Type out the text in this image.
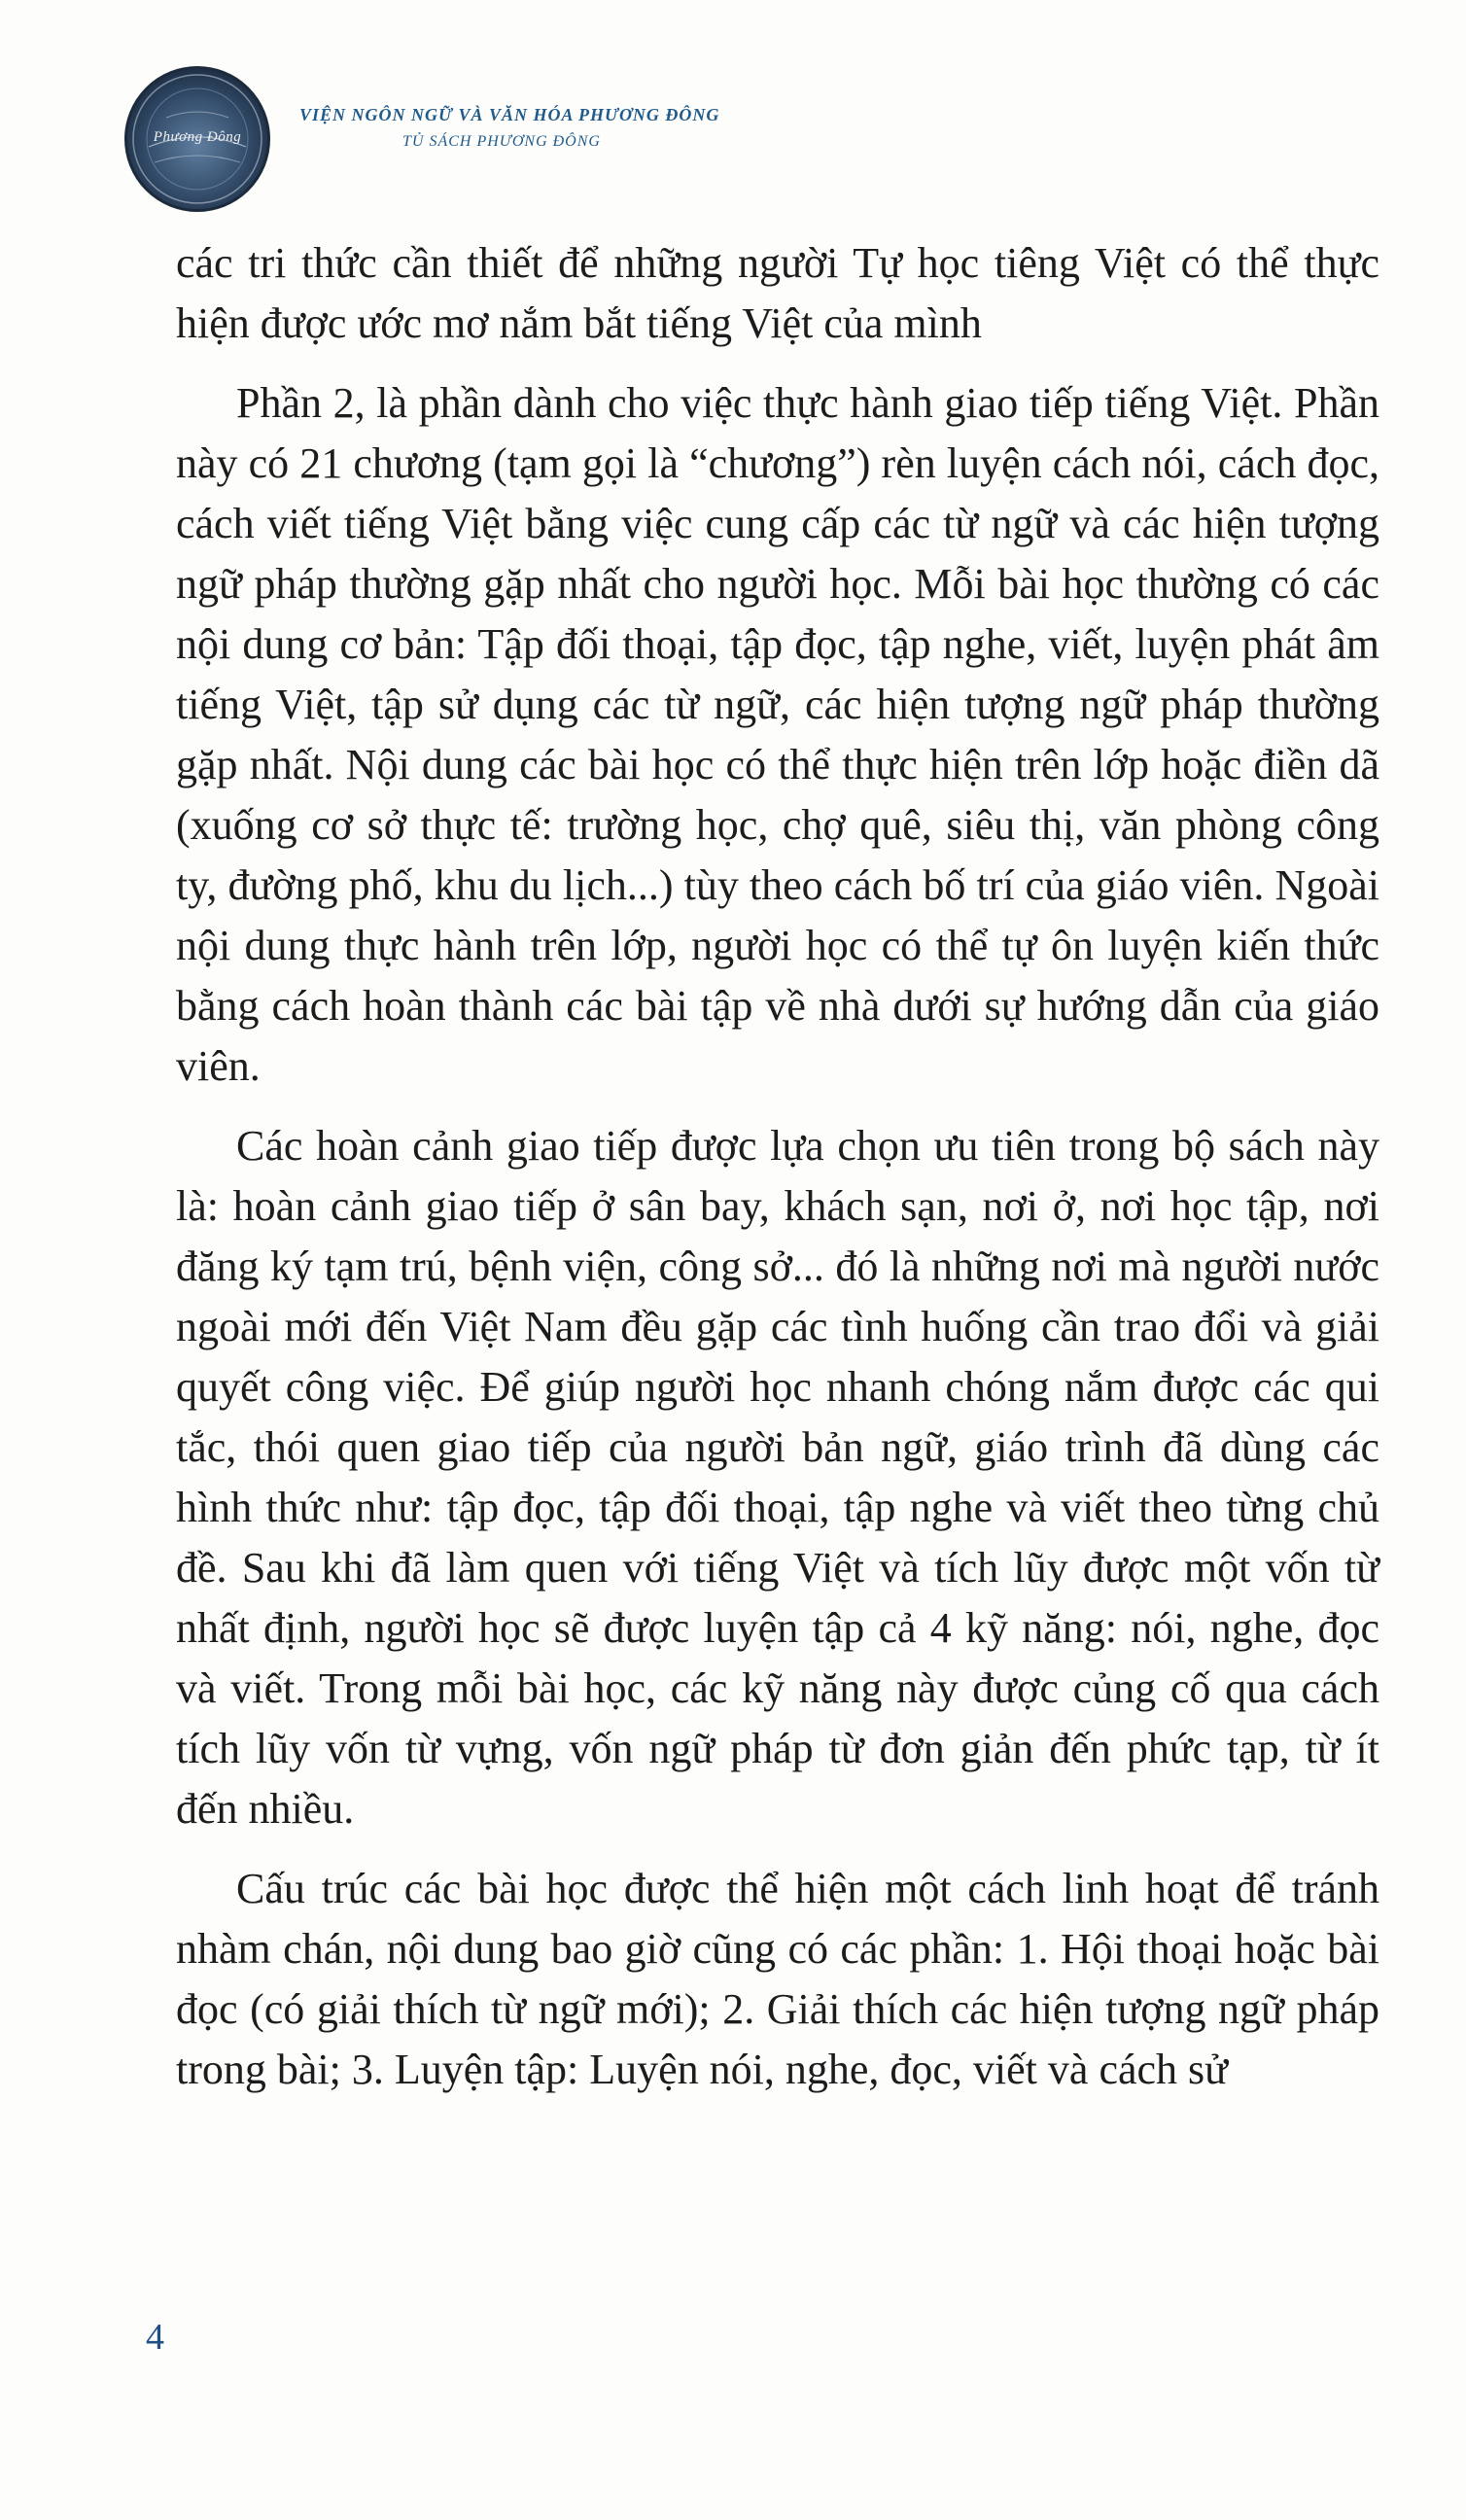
Phương Đông
VIỆN NGÔN NGỮ VÀ VĂN HÓA PHƯƠNG ĐÔNG
TỦ SÁCH PHƯƠNG ĐÔNG

các tri thức cần thiết để những người Tự học tiêng Việt có thể thực hiện được ước mơ nắm bắt tiếng Việt của mình

Phần 2, là phần dành cho việc thực hành giao tiếp tiếng Việt. Phần này có 21 chương (tạm gọi là “chương”) rèn luyện cách nói, cách đọc, cách viết tiếng Việt bằng việc cung cấp các từ ngữ và các hiện tượng ngữ pháp thường gặp nhất cho người học. Mỗi bài học thường có các nội dung cơ bản: Tập đối thoại, tập đọc, tập nghe, viết, luyện phát âm tiếng Việt, tập sử dụng các từ ngữ, các hiện tượng ngữ pháp thường gặp nhất. Nội dung các bài học có thể thực hiện trên lớp hoặc điền dã (xuống cơ sở thực tế: trường học, chợ quê, siêu thị, văn phòng công ty, đường phố, khu du lịch...) tùy theo cách bố trí của giáo viên. Ngoài nội dung thực hành trên lớp, người học có thể tự ôn luyện kiến thức bằng cách hoàn thành các bài tập về nhà dưới sự hướng dẫn của giáo viên.

Các hoàn cảnh giao tiếp được lựa chọn ưu tiên trong bộ sách này là: hoàn cảnh giao tiếp ở sân bay, khách sạn, nơi ở, nơi học tập, nơi đăng ký tạm trú, bệnh viện, công sở... đó là những nơi mà người nước ngoài mới đến Việt Nam đều gặp các tình huống cần trao đổi và giải quyết công việc. Để giúp người học nhanh chóng nắm được các qui tắc, thói quen giao tiếp của người bản ngữ, giáo trình đã dùng các hình thức như: tập đọc, tập đối thoại, tập nghe và viết theo từng chủ đề. Sau khi đã làm quen với tiếng Việt và tích lũy được một vốn từ nhất định, người học sẽ được luyện tập cả 4 kỹ năng: nói, nghe, đọc và viết. Trong mỗi bài học, các kỹ năng này được củng cố qua cách tích lũy vốn từ vựng, vốn ngữ pháp từ đơn giản đến phức tạp, từ ít đến nhiều.

Cấu trúc các bài học được thể hiện một cách linh hoạt để tránh nhàm chán, nội dung bao giờ cũng có các phần: 1. Hội thoại hoặc bài đọc (có giải thích từ ngữ mới); 2. Giải thích các hiện tượng ngữ pháp trong bài; 3. Luyện tập: Luyện nói, nghe, đọc, viết và cách sử

4
